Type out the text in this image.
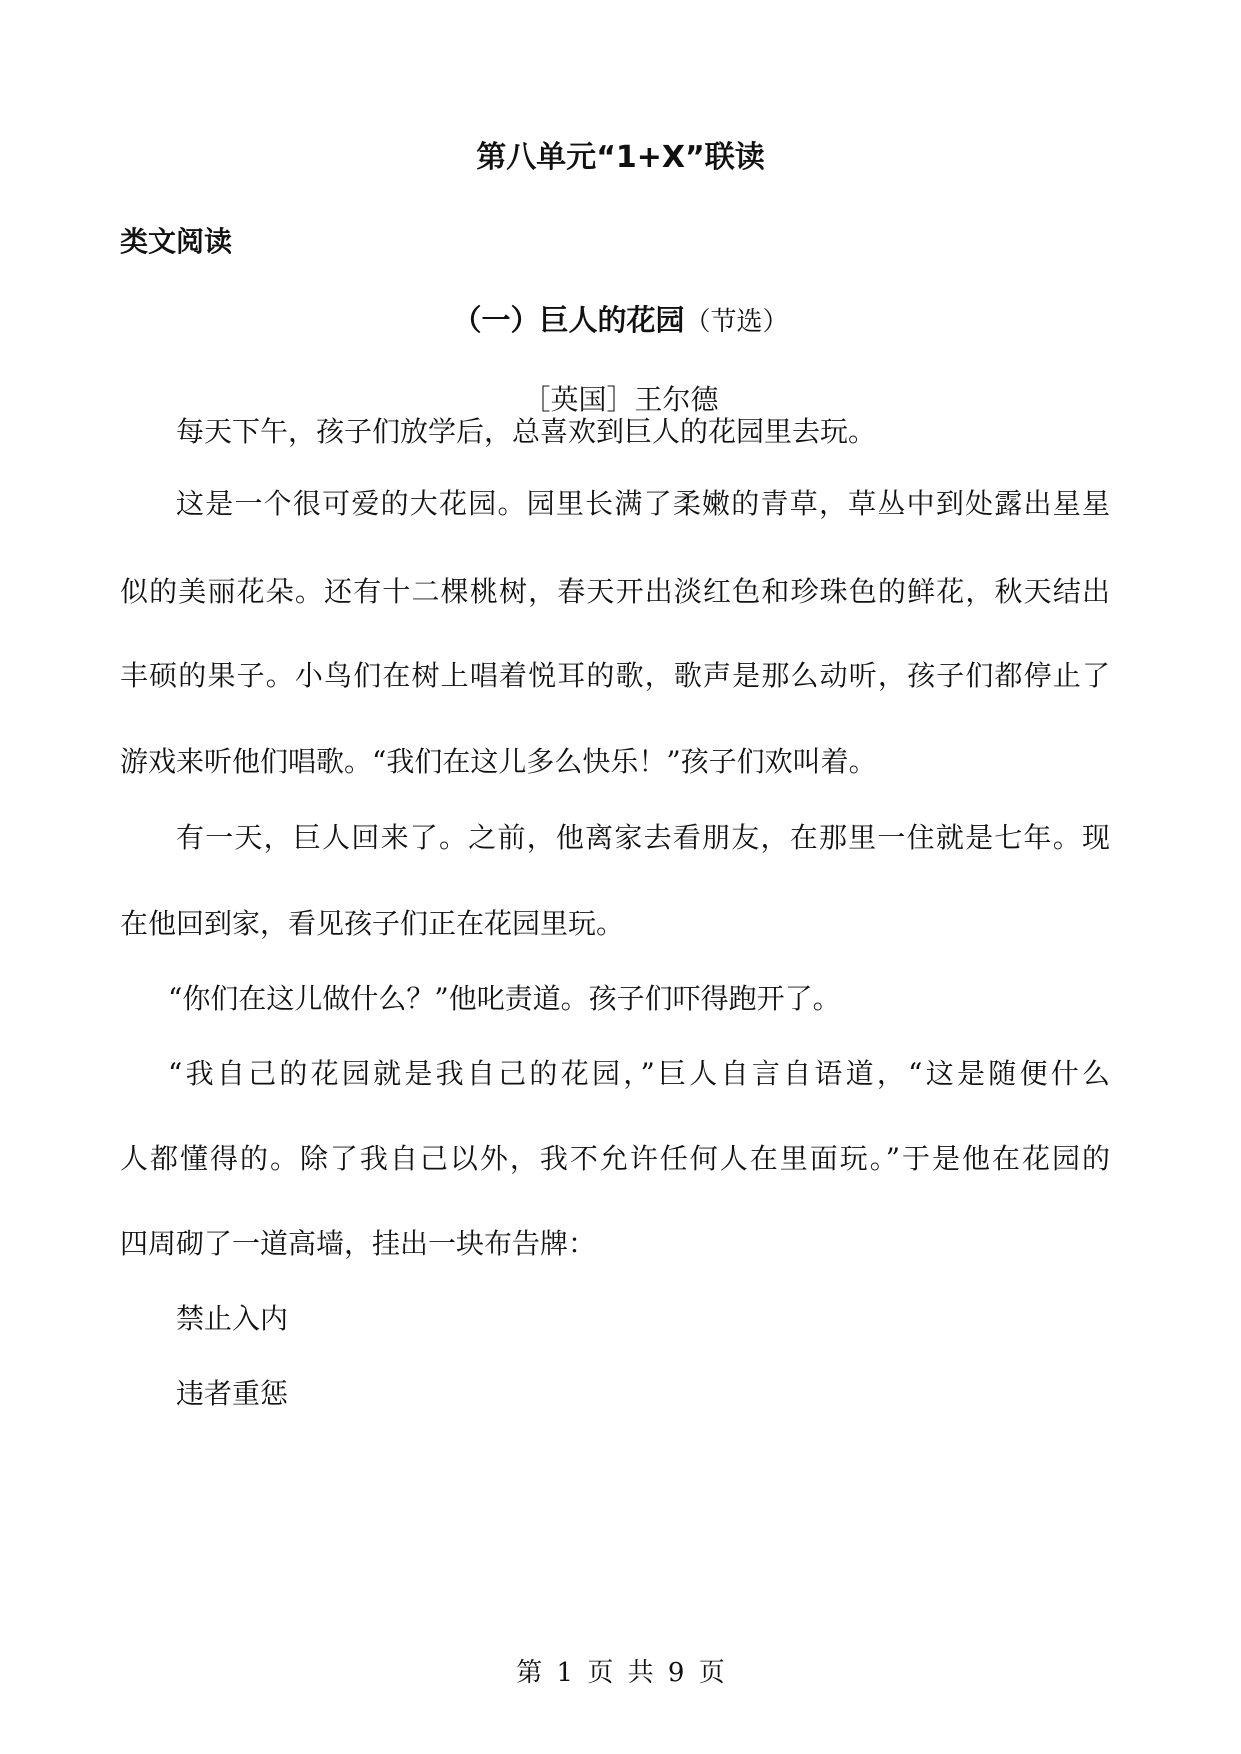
第八单元“1+X”联读
类文阅读
（一）巨人的花园（节选）
［英国］王尔德
每天下午，孩子们放学后，总喜欢到巨人的花园里去玩。
这是一个很可爱的大花园。园里长满了柔嫩的青草，草丛中到处露出星星
似的美丽花朵。还有十二棵桃树，春天开出淡红色和珍珠色的鲜花，秋天结出
丰硕的果子。小鸟们在树上唱着悦耳的歌，歌声是那么动听，孩子们都停止了
游戏来听他们唱歌。“我们在这儿多么快乐！”孩子们欢叫着。
有一天，巨人回来了。之前，他离家去看朋友，在那里一住就是七年。现
在他回到家，看见孩子们正在花园里玩。
“你们在这儿做什么？”他叱责道。孩子们吓得跑开了。
“我自己的花园就是我自己的花园，”巨人自言自语道，“这是随便什么
人都懂得的。除了我自己以外，我不允许任何人在里面玩。”于是他在花园的
四周砌了一道高墙，挂出一块布告牌：
禁止入内
违者重惩
第 1 页 共 9 页
